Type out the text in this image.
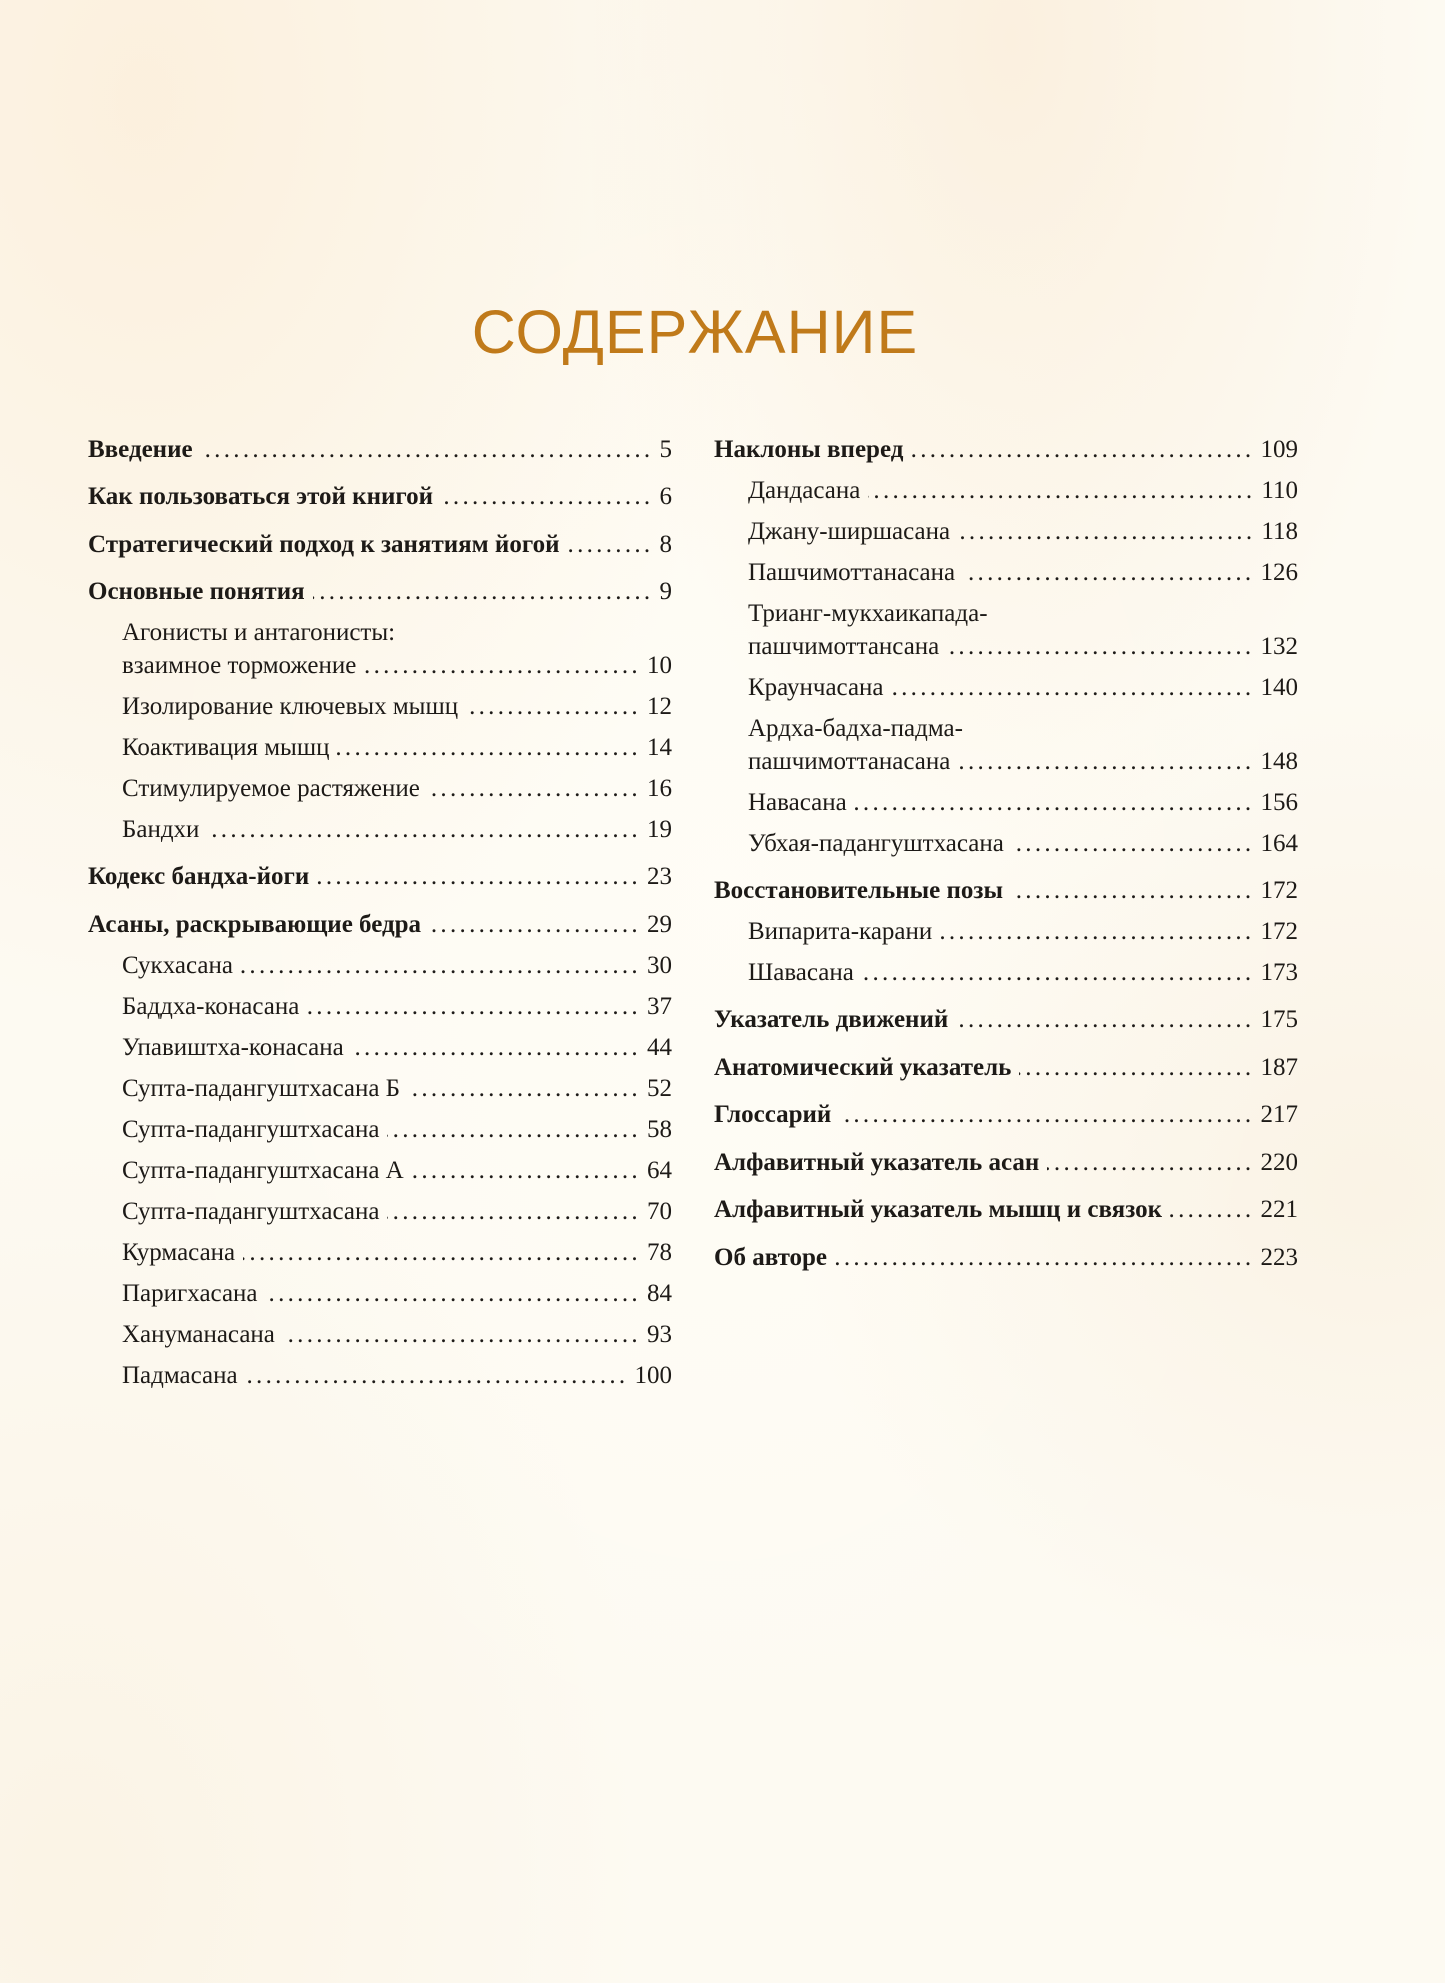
СОДЕРЖАНИЕ
Введение .....	5
Как пользоваться этой книгой .....	6
Стратегический подход к занятиям йогой .....	8
Основные понятия .....	9
Агонисты и антагонисты:
взаимное торможение .....	10
Изолирование ключевых мышц .....	12
Коактивация мышц .....	14
Стимулируемое растяжение .....	16
Бандхи .....	19
Кодекс бандха-йоги .....	23
Асаны, раскрывающие бедра .....	29
Сукхасана .....	30
Баддха-конасана .....	37
Упавиштха-конасана .....	44
Супта-падангуштхасана Б .....	52
Супта-падангуштхасана .....	58
Супта-падангуштхасана А .....	64
Супта-падангуштхасана .....	70
Курмасана .....	78
Паригхасана .....	84
Хануманасана .....	93
Падмасана .....	100
Наклоны вперед .....	109
Дандасана .....	110
Джану-ширшасана .....	118
Пашчимоттанасана .....	126
Трианг-мукхаикапада-
пашчимоттансана .....	132
Краунчасана .....	140
Ардха-бадха-падма-
пашчимоттанасана .....	148
Навасана .....	156
Убхая-падангуштхасана .....	164
Восстановительные позы .....	172
Випарита-карани .....	172
Шавасана .....	173
Указатель движений .....	175
Анатомический указатель .....	187
Глоссарий .....	217
Алфавитный указатель асан .....	220
Алфавитный указатель мышц и связок .....	221
Об авторе .....	223
